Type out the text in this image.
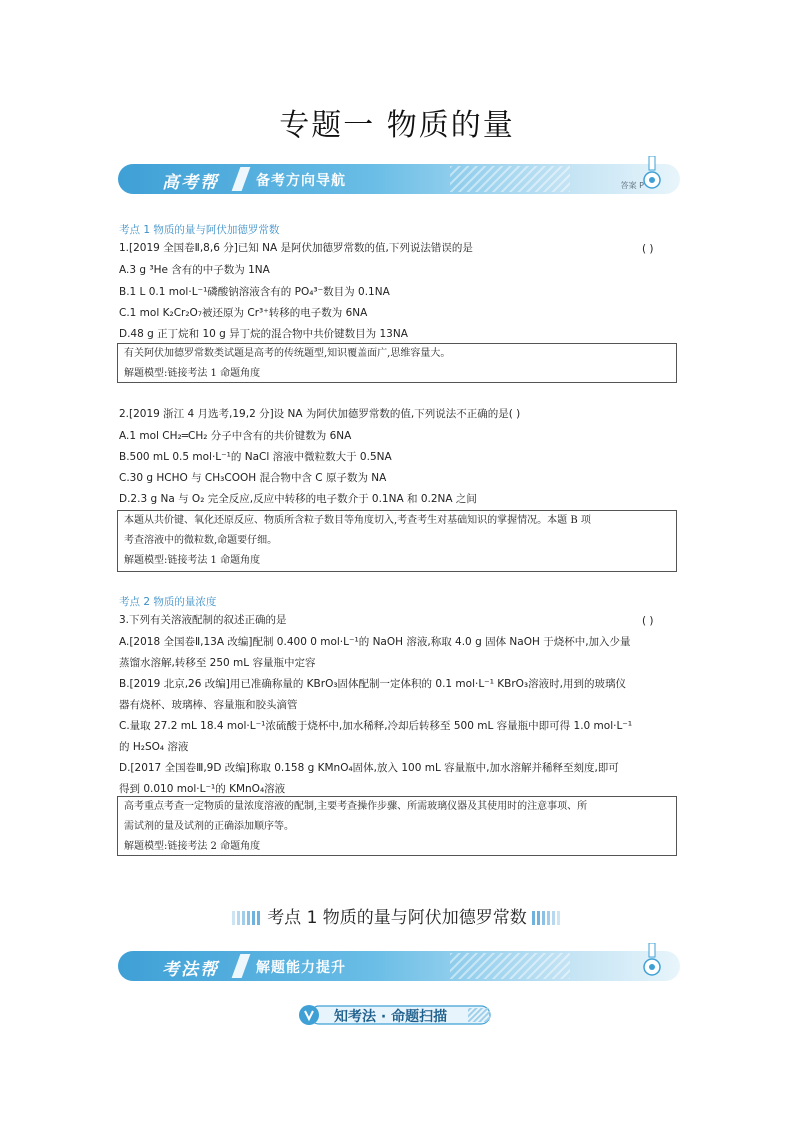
专题一 物质的量
高考帮	备考方向导航	答案 P
考点 1 物质的量与阿伏加德罗常数
1.[2019 全国卷Ⅱ,8,6 分]已知 NA 是阿伏加德罗常数的值,下列说法错误的是	( )
A.3 g ³He 含有的中子数为 1NA
B.1 L 0.1 mol·L⁻¹磷酸钠溶液含有的 PO₄³⁻数目为 0.1NA
C.1 mol K₂Cr₂O₇被还原为 Cr³⁺转移的电子数为 6NA
D.48 g 正丁烷和 10 g 异丁烷的混合物中共价键数目为 13NA

有关阿伏加德罗常数类试题是高考的传统题型,知识覆盖面广,思维容量大。

解题模型:链接考法 1 命题角度

2.[2019 浙江 4 月选考,19,2 分]设 NA 为阿伏加德罗常数的值,下列说法不正确的是( )
A.1 mol CH₂═CH₂ 分子中含有的共价键数为 6NA
B.500 mL 0.5 mol·L⁻¹的 NaCl 溶液中微粒数大于 0.5NA
C.30 g HCHO 与 CH₃COOH 混合物中含 C 原子数为 NA
D.2.3 g Na 与 O₂ 完全反应,反应中转移的电子数介于 0.1NA 和 0.2NA 之间

本题从共价键、氧化还原反应、物质所含粒子数目等角度切入,考查考生对基础知识的掌握情况。本题 B 项

考查溶液中的微粒数,命题要仔细。

解题模型:链接考法 1 命题角度

考点 2 物质的量浓度
3.下列有关溶液配制的叙述正确的是	( )
A.[2018 全国卷Ⅱ,13A 改编]配制 0.400 0 mol·L⁻¹的 NaOH 溶液,称取 4.0 g 固体 NaOH 于烧杯中,加入少量
蒸馏水溶解,转移至 250 mL 容量瓶中定容
B.[2019 北京,26 改编]用已准确称量的 KBrO₃固体配制一定体积的 0.1 mol·L⁻¹ KBrO₃溶液时,用到的玻璃仪
器有烧杯、玻璃棒、容量瓶和胶头滴管
C.量取 27.2 mL 18.4 mol·L⁻¹浓硫酸于烧杯中,加水稀释,冷却后转移至 500 mL 容量瓶中即可得 1.0 mol·L⁻¹
的 H₂SO₄ 溶液
D.[2017 全国卷Ⅲ,9D 改编]称取 0.158 g KMnO₄固体,放入 100 mL 容量瓶中,加水溶解并稀释至刻度,即可
得到 0.010 mol·L⁻¹的 KMnO₄溶液

高考重点考查一定物质的量浓度溶液的配制,主要考查操作步骤、所需玻璃仪器及其使用时的注意事项、所

需试剂的量及试剂的正确添加顺序等。

解题模型:链接考法 2 命题角度

考点 1 物质的量与阿伏加德罗常数
考法帮	解题能力提升
知考法 · 命题扫描
